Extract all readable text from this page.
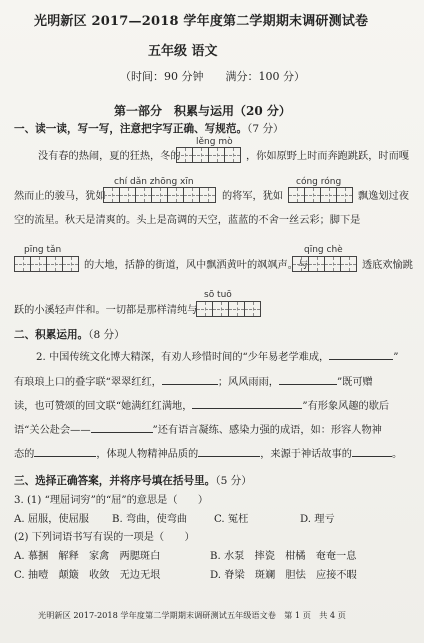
光明新区 2017—2018 学年度第二学期期末调研测试卷
五年级 语文
（时间：90 分钟　　满分：100 分）
第一部分　积累与运用（20 分）
一、读一读，写一写，注意把字写正确、写规范。（7 分）
lěng mò
chí dǎn zhōng xīn	cóng róng
pīng tǎn	qīng chè
sõ tuō
没有春的热闹，夏的狂热，冬的	，你如原野上时而奔跑跳跃，时而嘎
然而止的骏马，犹如	的将军，犹如	飘逸划过夜
空的流星。秋天是清爽的。头上是高调的天空，蓝蓝的不舍一丝云彩；脚下是
的大地，括静的街道，风中飘洒黄叶的飒飒声。与	透底欢愉跳
跃的小溪轻声伴和。一切都是那样清纯与
二、积累运用。（8 分）
2. 中国传统文化博大精深，有劝人珍惜时间的“少年易老学难成，	”
有琅琅上口的叠字联“翠翠红红，	；风风雨雨，	”既可赠
读，也可赞颂的回文联“她满红红满地，	”有形象风趣的歇后
语“关公赴会——	”还有语言凝练、感染力强的成语，如：形容人物神
态的	，体现人物精神品质的	，来源于神话故事的	。
三、选择正确答案，并将序号填在括号里。（5 分）
3. (1) “理屈词穷”的“屈”的意思是（　　）
A. 屈服，使屈服 B. 弯曲，使弯曲	C. 冤枉	D. 理亏
(2) 下列词语书写有误的一项是（　　）
A. 慕捆　解释　家禽　两腮斑白	B. 水泵　摔瓷　柑橘　奄奄一息
C. 抽噎　颠簸　收敛　无边无垠	D. 脊梁　斑斓　胆怯　应接不暇
光明新区 2017-2018 学年度第二学期期末调研测试五年级语文卷　第 1 页　共 4 页
